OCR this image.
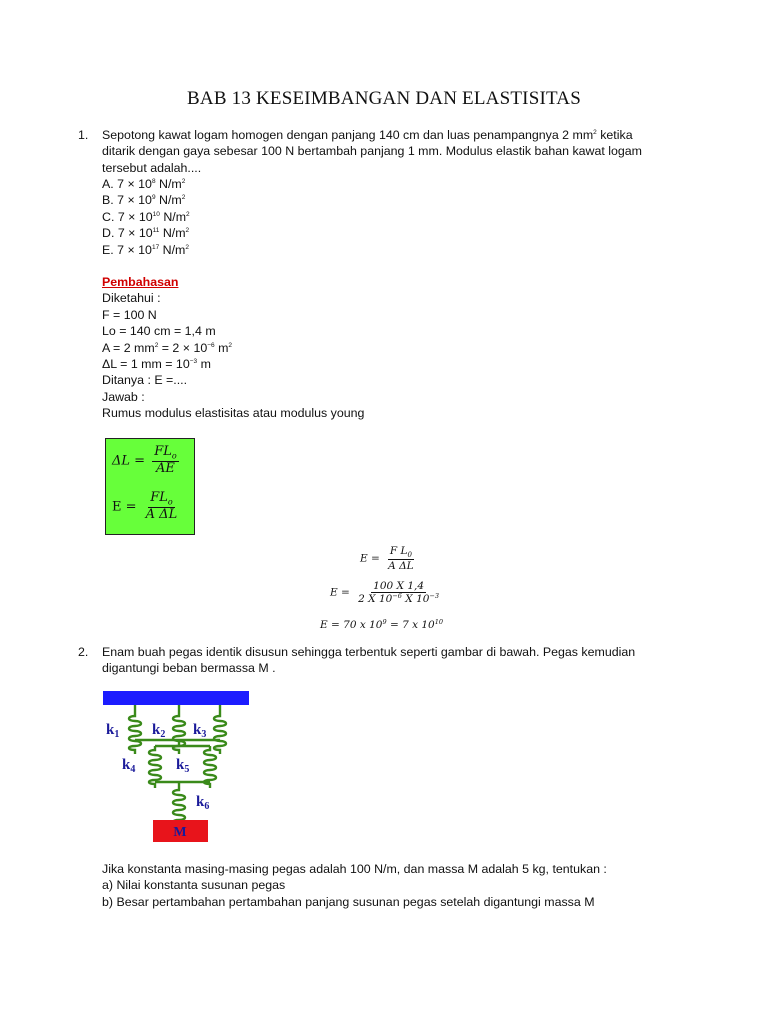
BAB 13 KESEIMBANGAN DAN ELASTISITAS
1. Sepotong kawat logam homogen dengan panjang 140 cm dan luas penampangnya 2 $mm^2$ ketika
ditarik dengan gaya sebesar 100 N bertambah panjang 1 mm. Modulus elastik bahan kawat logam
tersebut adalah....
A. $7 \times 10^8$ $N/m^2$
B. $7 \times 10^9$ $N/m^2$
C. $7 \times 10^{10}$ $N/m^2$
D. $7 \times 10^{11}$ $N/m^2$
E. $7 \times 10^{17}$ $N/m^2$
Pembahasan
Diketahui :
F = 100 N
Lo = 140 cm = 1,4 m
A = 2 $mm^2 = 2 \times 10^{-6}$ $m^2$
ΔL = 1 mm = $10^{-3}$ m
Ditanya : E =....
Jawab :
Rumus modulus elastisitas atau modulus young
$\Delta L = \frac{FL_o}{AE}$
$E = \frac{FL_o}{\text{A ΔL}}$
$E = \frac{F L_0}{\text{A ΔL}}$
$E = \frac{100 X 1,4}{2 X 10^{-6} X 10^{-3}}$
E = 70 x $10^9 = 7$ x $10^{10}$
2. Enam buah pegas identik disusun sehingga terbentuk seperti gambar di bawah. Pegas kemudian
digantungi beban bermassa M .
M
$k_1$ $k_2$ $k_3$
$k_4$	$k_5$
$k_6$
Jika konstanta masing-masing pegas adalah 100 N/m, dan massa M adalah 5 kg, tentukan :
a) Nilai konstanta susunan pegas
b) Besar pertambahan pertambahan panjang susunan pegas setelah digantungi massa M
